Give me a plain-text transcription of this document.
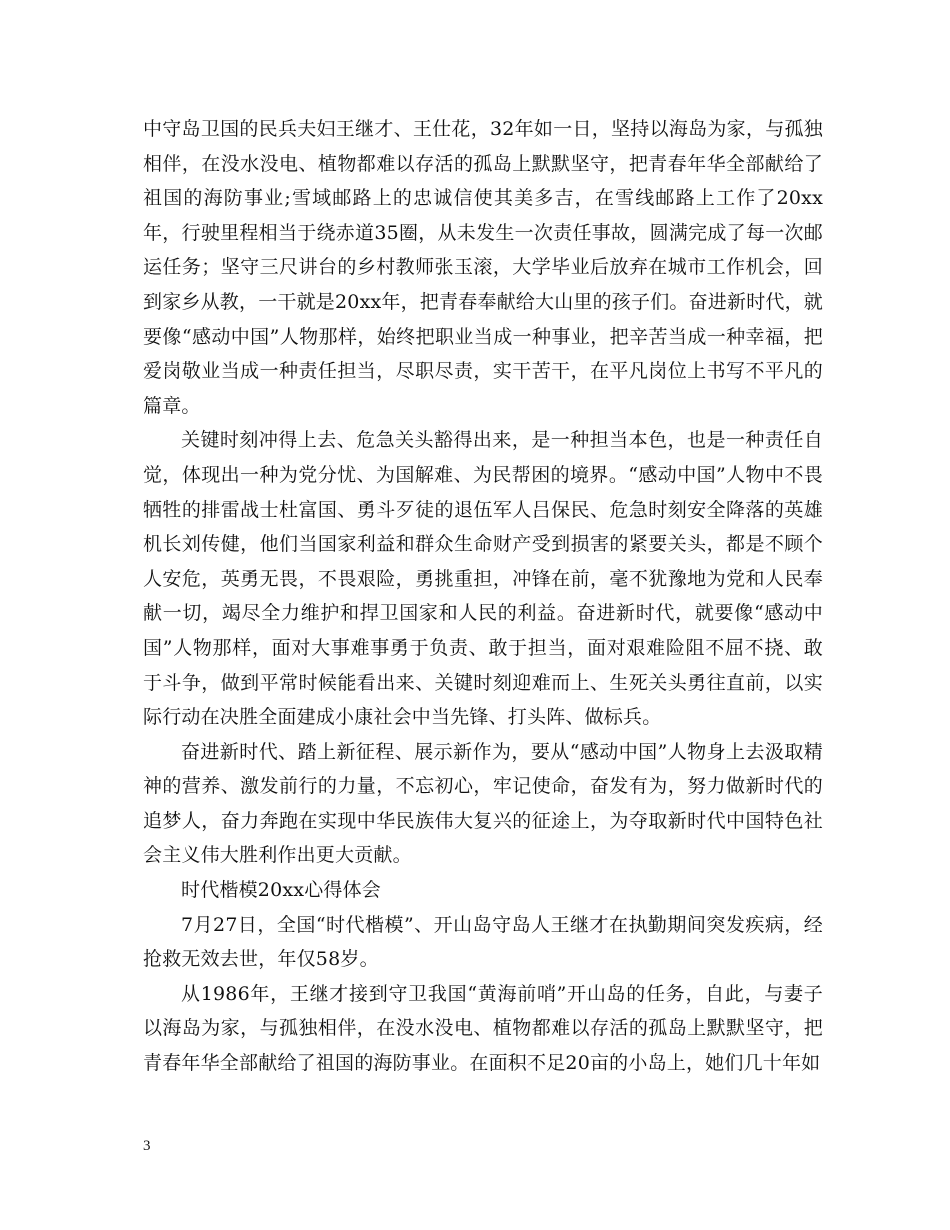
中守岛卫国的民兵夫妇王继才、王仕花，32年如一日，坚持以海岛为家，与孤独相伴，在没水没电、植物都难以存活的孤岛上默默坚守，把青春年华全部献给了祖国的海防事业;雪域邮路上的忠诚信使其美多吉，在雪线邮路上工作了20xx年，行驶里程相当于绕赤道35圈，从未发生一次责任事故，圆满完成了每一次邮运任务；坚守三尺讲台的乡村教师张玉滚，大学毕业后放弃在城市工作机会，回到家乡从教，一干就是20xx年，把青春奉献给大山里的孩子们。奋进新时代，就要像“感动中国”人物那样，始终把职业当成一种事业，把辛苦当成一种幸福，把爱岗敬业当成一种责任担当，尽职尽责，实干苦干，在平凡岗位上书写不平凡的篇章。

关键时刻冲得上去、危急关头豁得出来，是一种担当本色，也是一种责任自觉，体现出一种为党分忧、为国解难、为民帮困的境界。“感动中国”人物中不畏牺牲的排雷战士杜富国、勇斗歹徒的退伍军人吕保民、危急时刻安全降落的英雄机长刘传健，他们当国家利益和群众生命财产受到损害的紧要关头，都是不顾个人安危，英勇无畏，不畏艰险，勇挑重担，冲锋在前，毫不犹豫地为党和人民奉献一切，竭尽全力维护和捍卫国家和人民的利益。奋进新时代，就要像“感动中国”人物那样，面对大事难事勇于负责、敢于担当，面对艰难险阻不屈不挠、敢于斗争，做到平常时候能看出来、关键时刻迎难而上、生死关头勇往直前，以实际行动在决胜全面建成小康社会中当先锋、打头阵、做标兵。

奋进新时代、踏上新征程、展示新作为，要从“感动中国”人物身上去汲取精神的营养、激发前行的力量，不忘初心，牢记使命，奋发有为，努力做新时代的追梦人，奋力奔跑在实现中华民族伟大复兴的征途上，为夺取新时代中国特色社会主义伟大胜利作出更大贡献。

时代楷模20xx心得体会

7月27日，全国“时代楷模”、开山岛守岛人王继才在执勤期间突发疾病，经抢救无效去世，年仅58岁。

从1986年，王继才接到守卫我国“黄海前哨”开山岛的任务，自此，与妻子以海岛为家，与孤独相伴，在没水没电、植物都难以存活的孤岛上默默坚守，把青春年华全部献给了祖国的海防事业。在面积不足20亩的小岛上，她们几十年如

3
